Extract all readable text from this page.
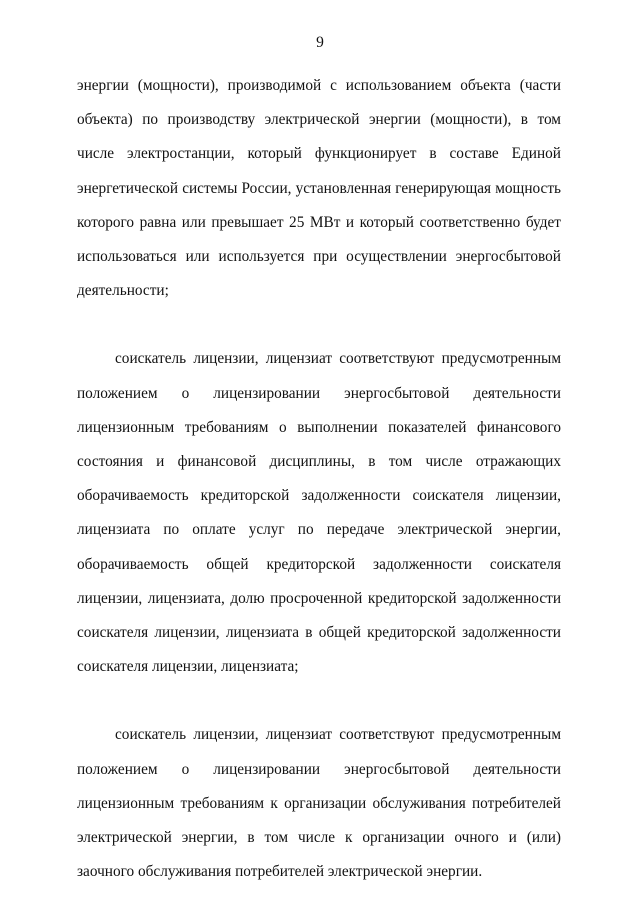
9

энергии (мощности), производимой с использованием объекта (части объекта) по производству электрической энергии (мощности), в том числе электростанции, который функционирует в составе Единой энергетической системы России, установленная генерирующая мощность которого равна или превышает 25 МВт и который соответственно будет использоваться или используется при осуществлении энергосбытовой деятельности;

соискатель лицензии, лицензиат соответствуют предусмотренным положением о лицензировании энергосбытовой деятельности лицензионным требованиям о выполнении показателей финансового состояния и финансовой дисциплины, в том числе отражающих оборачиваемость кредиторской задолженности соискателя лицензии, лицензиата по оплате услуг по передаче электрической энергии, оборачиваемость общей кредиторской задолженности соискателя лицензии, лицензиата, долю просроченной кредиторской задолженности соискателя лицензии, лицензиата в общей кредиторской задолженности соискателя лицензии, лицензиата;

соискатель лицензии, лицензиат соответствуют предусмотренным положением о лицензировании энергосбытовой деятельности лицензионным требованиям к организации обслуживания потребителей электрической энергии, в том числе к организации очного и (или) заочного обслуживания потребителей электрической энергии.
